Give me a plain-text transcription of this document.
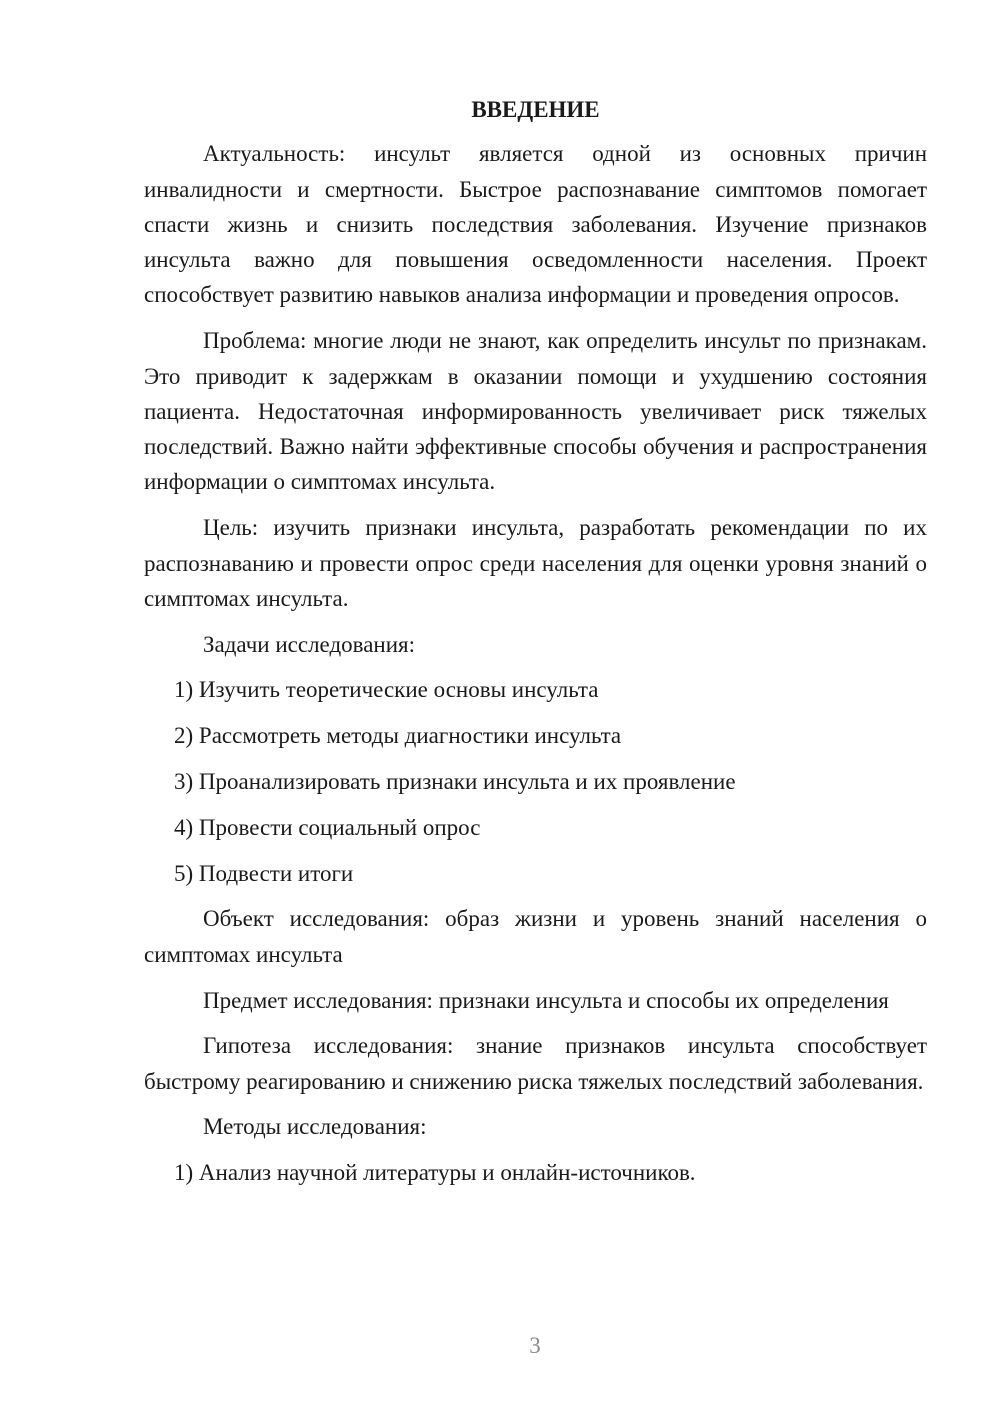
ВВЕДЕНИЕ

Актуальность: инсульт является одной из основных причин инвалидности и смертности. Быстрое распознавание симптомов помогает спасти жизнь и снизить последствия заболевания. Изучение признаков инсульта важно для повышения осведомленности населения. Проект способствует развитию навыков анализа информации и проведения опросов.

Проблема: многие люди не знают, как определить инсульт по признакам. Это приводит к задержкам в оказании помощи и ухудшению состояния пациента. Недостаточная информированность увеличивает риск тяжелых последствий. Важно найти эффективные способы обучения и распространения информации о симптомах инсульта.

Цель: изучить признаки инсульта, разработать рекомендации по их распознаванию и провести опрос среди населения для оценки уровня знаний о симптомах инсульта.

Задачи исследования:

1) Изучить теоретические основы инсульта
2) Рассмотреть методы диагностики инсульта
3) Проанализировать признаки инсульта и их проявление
4) Провести социальный опрос
5) Подвести итоги

Объект исследования: образ жизни и уровень знаний населения о симптомах инсульта

Предмет исследования: признаки инсульта и способы их определения

Гипотеза исследования: знание признаков инсульта способствует быстрому реагированию и снижению риска тяжелых последствий заболевания.

Методы исследования:

1) Анализ научной литературы и онлайн-источников.
3
